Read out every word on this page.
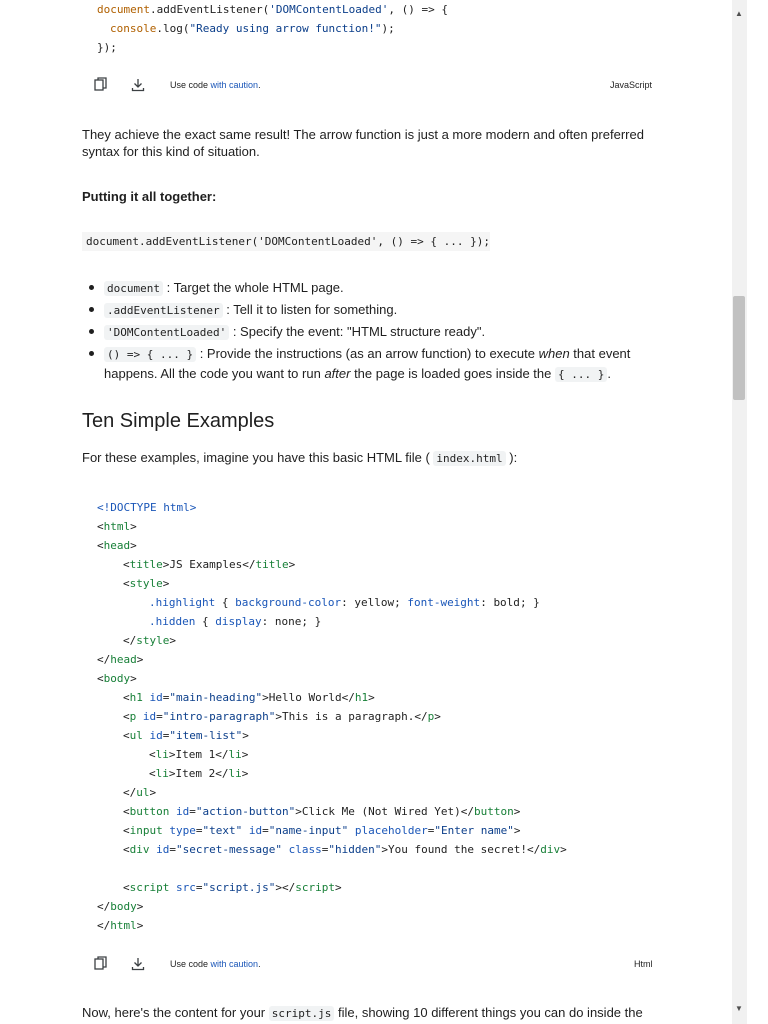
document.addEventListener('DOMContentLoaded', () => {
console.log("Ready using arrow function!");
});
Use code with caution.	JavaScript
They achieve the exact same result! The arrow function is just a more modern and often preferred
syntax for this kind of situation.
Putting it all together:
document.addEventListener('DOMContentLoaded', () => { ... });
document : Target the whole HTML page.
.addEventListener : Tell it to listen for something.
'DOMContentLoaded' : Specify the event: "HTML structure ready".
() => { ... } : Provide the instructions (as an arrow function) to execute when that event
happens. All the code you want to run after the page is loaded goes inside the { ... } .
Ten Simple Examples
For these examples, imagine you have this basic HTML file ( index.html ):
<!DOCTYPE html>
<html>
<head>
<title>JS Examples</title>
<style>
.highlight { background-color: yellow; font-weight: bold; }
.hidden { display: none; }
</style>
</head>
<body>
<h1 id="main-heading">Hello World</h1>
<p id="intro-paragraph">This is a paragraph.</p>
<ul id="item-list">
<li>Item 1</li>
<li>Item 2</li>
</ul>
<button id="action-button">Click Me (Not Wired Yet)</button>
<input type="text" id="name-input" placeholder="Enter name">
<div id="secret-message" class="hidden">You found the secret!</div>
<script src="script.js"></script>
</body>
</html>
Use code with caution.	Html
Now, here's the content for your script.js file, showing 10 different things you can do inside the
▲
▼
